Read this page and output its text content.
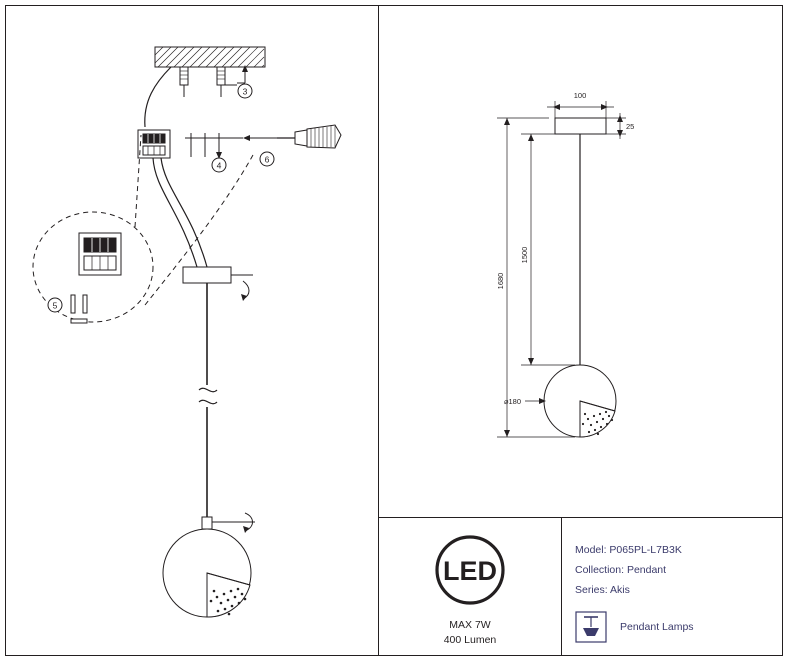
3
4
6
5
100
25
1500
1680
⌀180
LED
MAX 7W
400 Lumen
Model: P065PL-L7B3K
Collection: Pendant
Series: Akis
Pendant Lamps
